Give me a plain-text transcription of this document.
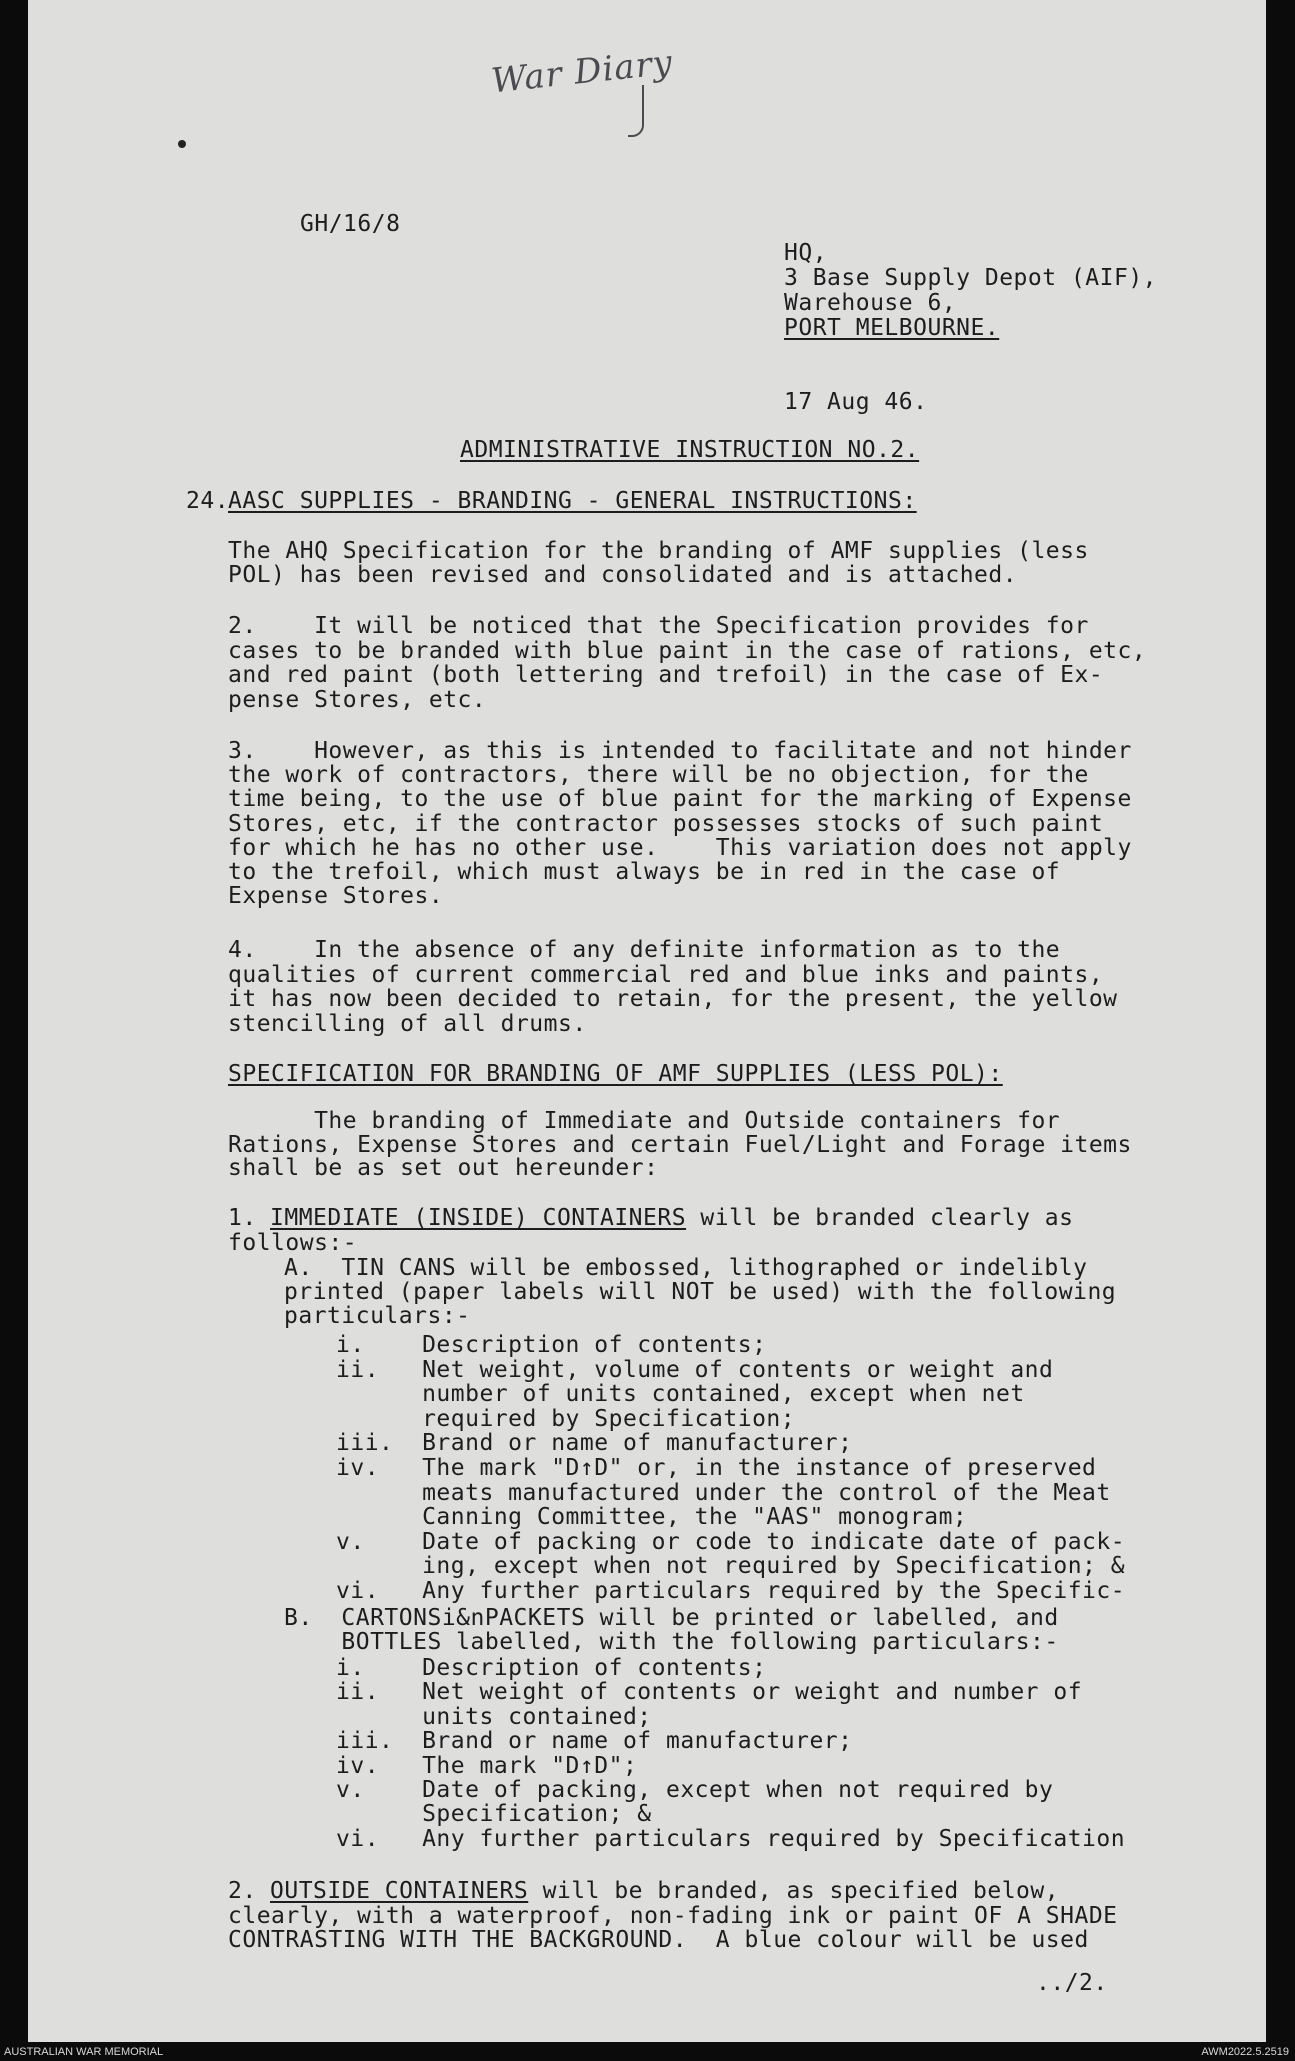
War Diary
GH/16/8
HQ,
3 Base Supply Depot (AIF),
Warehouse 6,
PORT MELBOURNE.
17 Aug 46.
ADMINISTRATIVE INSTRUCTION NO.2.
24.
AASC SUPPLIES - BRANDING - GENERAL INSTRUCTIONS:
The AHQ Specification for the branding of AMF supplies (less
POL) has been revised and consolidated and is attached.
2.    It will be noticed that the Specification provides for
cases to be branded with blue paint in the case of rations, etc,
and red paint (both lettering and trefoil) in the case of Ex-
pense Stores, etc.
3.    However, as this is intended to facilitate and not hinder
the work of contractors, there will be no objection, for the
time being, to the use of blue paint for the marking of Expense
Stores, etc, if the contractor possesses stocks of such paint
for which he has no other use.    This variation does not apply
to the trefoil, which must always be in red in the case of
Expense Stores.
4.    In the absence of any definite information as to the
qualities of current commercial red and blue inks and paints,
it has now been decided to retain, for the present, the yellow
stencilling of all drums.
SPECIFICATION FOR BRANDING OF AMF SUPPLIES (LESS POL):
The branding of Immediate and Outside containers for
Rations, Expense Stores and certain Fuel/Light and Forage items
shall be as set out hereunder:
1. IMMEDIATE (INSIDE) CONTAINERS will be branded clearly as
follows:-
A.  TIN CANS will be embossed, lithographed or indelibly
printed (paper labels will NOT be used) with the following
particulars:-
i.    Description of contents;
ii.   Net weight, volume of contents or weight and
number of units contained, except when net
required by Specification;
iii.  Brand or name of manufacturer;
iv.   The mark "D↑D" or, in the instance of preserved
meats manufactured under the control of the Meat
Canning Committee, the "AAS" monogram;
v.    Date of packing or code to indicate date of pack-
ing, except when not required by Specification; &
vi.   Any further particulars required by the Specific-
B.  CARTONSi&nPACKETS will be printed or labelled, and
BOTTLES labelled, with the following particulars:-
i.    Description of contents;
ii.   Net weight of contents or weight and number of
units contained;
iii.  Brand or name of manufacturer;
iv.   The mark "D↑D";
v.    Date of packing, except when not required by
Specification; &
vi.   Any further particulars required by Specification
2. OUTSIDE CONTAINERS will be branded, as specified below,
clearly, with a waterproof, non-fading ink or paint OF A SHADE
CONTRASTING WITH THE BACKGROUND.  A blue colour will be used
../2.
AUSTRALIAN WAR MEMORIAL	AWM2022.5.2519
